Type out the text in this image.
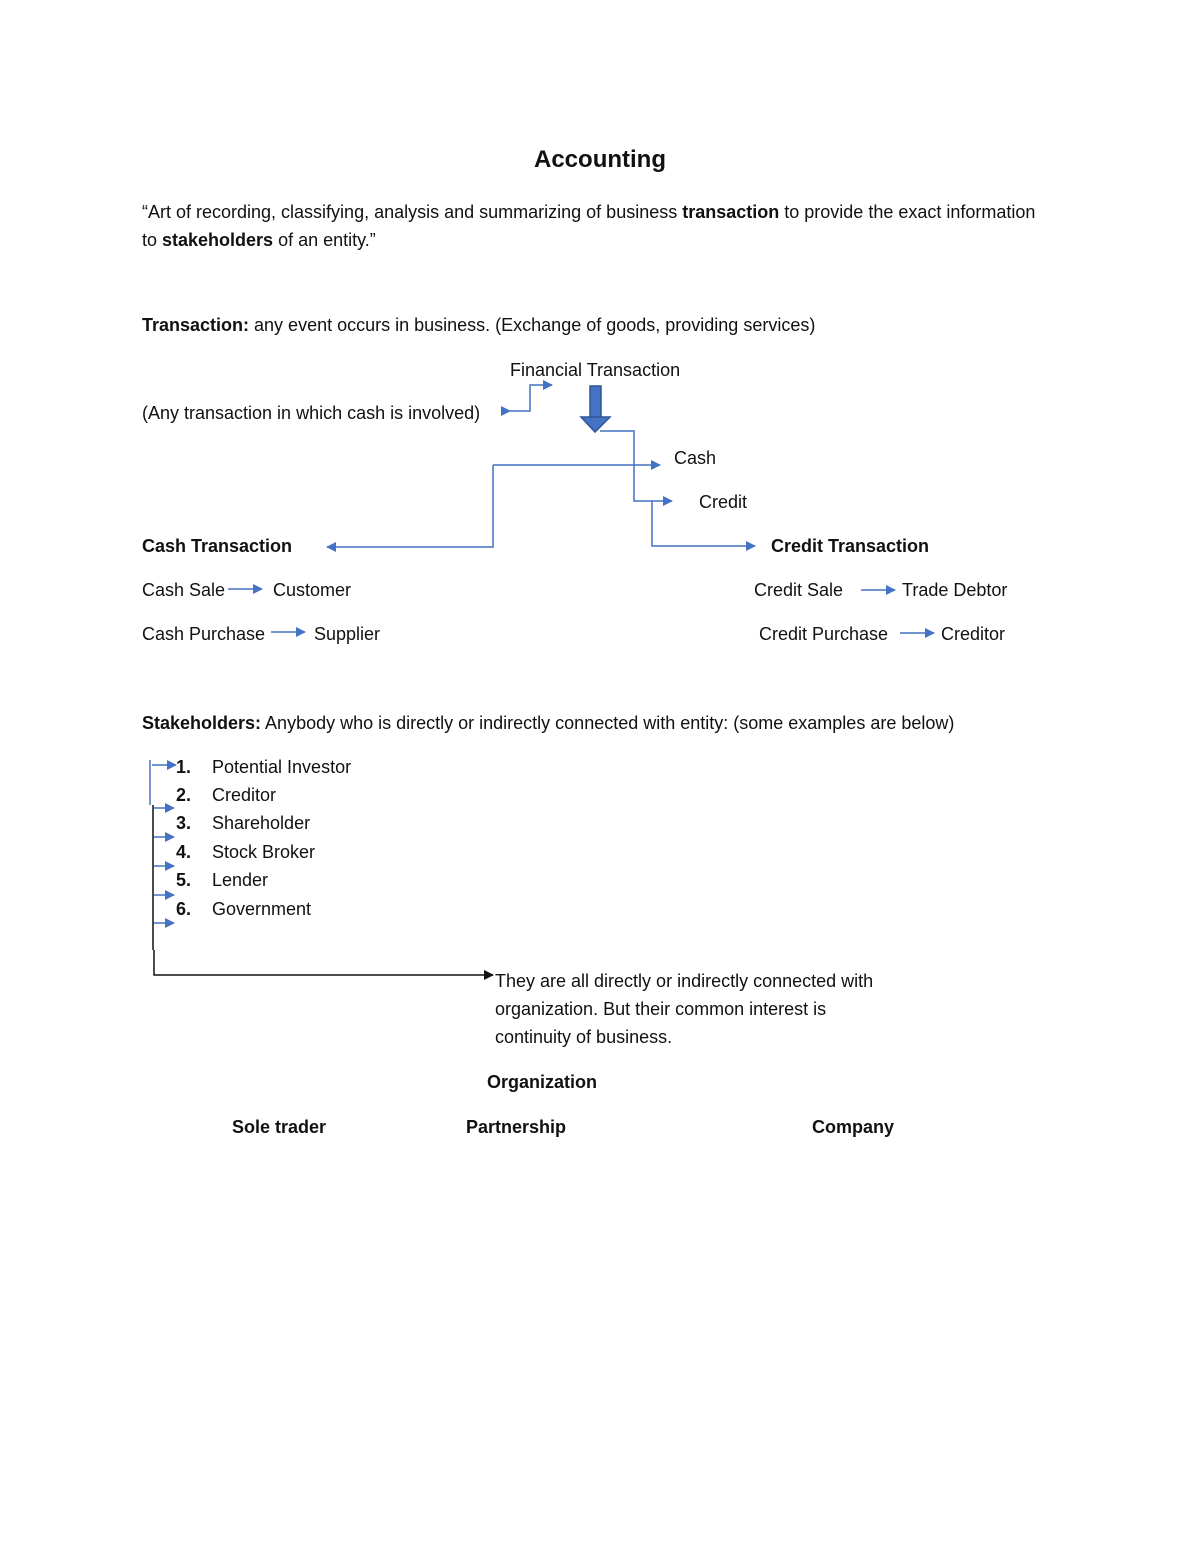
Accounting
“Art of recording, classifying, analysis and summarizing of business transaction to provide the exact information to stakeholders of an entity.”
Transaction: any event occurs in business. (Exchange of goods, providing services)
Financial Transaction
(Any transaction in which cash is involved)
Cash
Credit
Cash Transaction	Credit Transaction
Cash Sale	Customer
Cash Purchase	Supplier
Credit Sale	Trade Debtor
Credit Purchase	Creditor
Stakeholders: Anybody who is directly or indirectly connected with entity: (some examples are below)
1. Potential Investor
2. Creditor
3. Shareholder
4. Stock Broker
5. Lender
6. Government
They are all directly or indirectly connected with
organization. But their common interest is
continuity of business.
Organization
Sole trader	Partnership	Company
